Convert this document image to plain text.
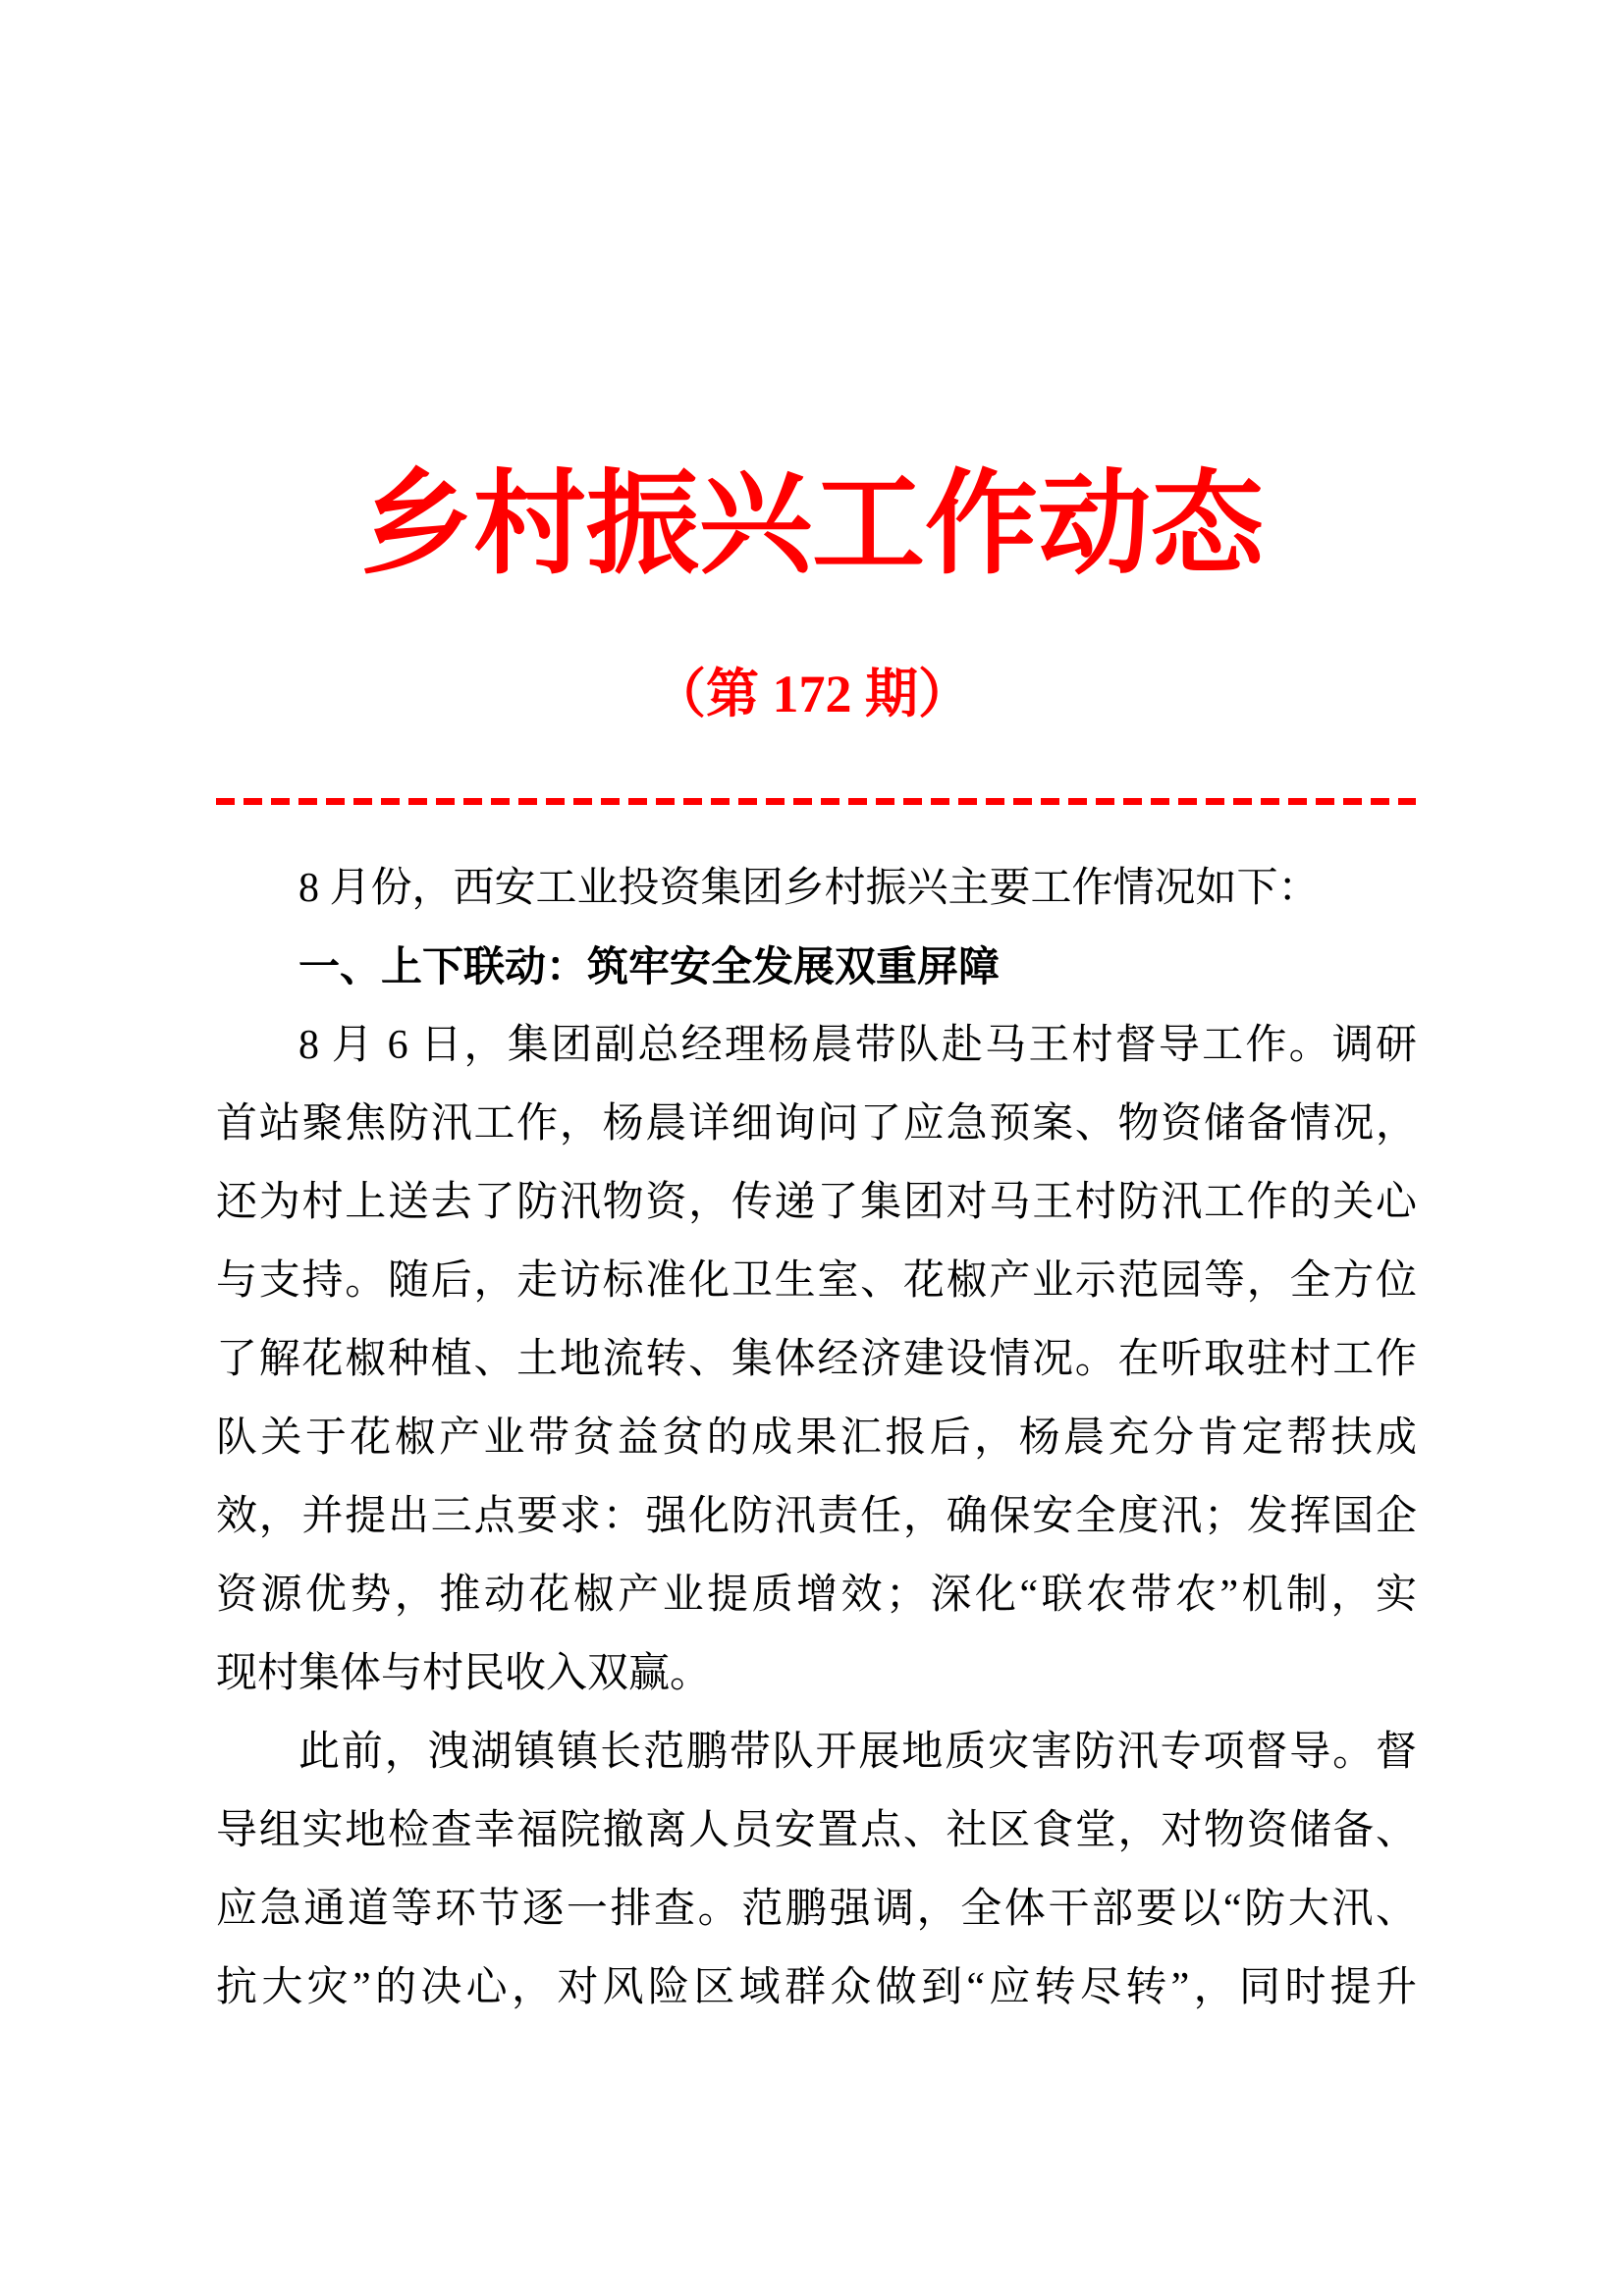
乡村振兴工作动态
（第 172 期）
8 月份，西安工业投资集团乡村振兴主要工作情况如下：
一、上下联动：筑牢安全发展双重屏障
8 月 6 日，集团副总经理杨晨带队赴马王村督导工作。调研
首站聚焦防汛工作，杨晨详细询问了应急预案、物资储备情况，
还为村上送去了防汛物资，传递了集团对马王村防汛工作的关心
与支持。随后，走访标准化卫生室、花椒产业示范园等，全方位
了解花椒种植、土地流转、集体经济建设情况。在听取驻村工作
队关于花椒产业带贫益贫的成果汇报后，杨晨充分肯定帮扶成
效，并提出三点要求：强化防汛责任，确保安全度汛；发挥国企
资源优势，推动花椒产业提质增效；深化“联农带农”机制，实
现村集体与村民收入双赢。
此前，洩湖镇镇长范鹏带队开展地质灾害防汛专项督导。督
导组实地检查幸福院撤离人员安置点、社区食堂，对物资储备、
应急通道等环节逐一排查。范鹏强调，全体干部要以“防大汛、
抗大灾”的决心，对风险区域群众做到“应转尽转”，同时提升
